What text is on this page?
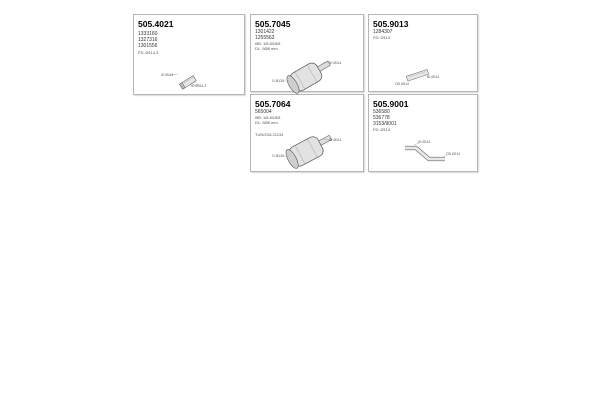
505.4021
1333160
1327316
1301556
FD: Ø114,3
ID Ø114
ID Ø114,3
505.7045
1301422
1255563
ØB: 1Ø-Ø18Ø
DL: 5Ø8 mm
ID Ø114
G Ø130
505.9013
1284307
FD: Ø114
OD Ø114
ID Ø114
505.7064
565004
ØB: 1Ø-Ø18Ø
DL: 5Ø8 mm
TUNGSA 21134
ID Ø114
G Ø130
505.9001
536580
536778
3153/9001
FD: Ø114
ID Ø114
OD Ø114
